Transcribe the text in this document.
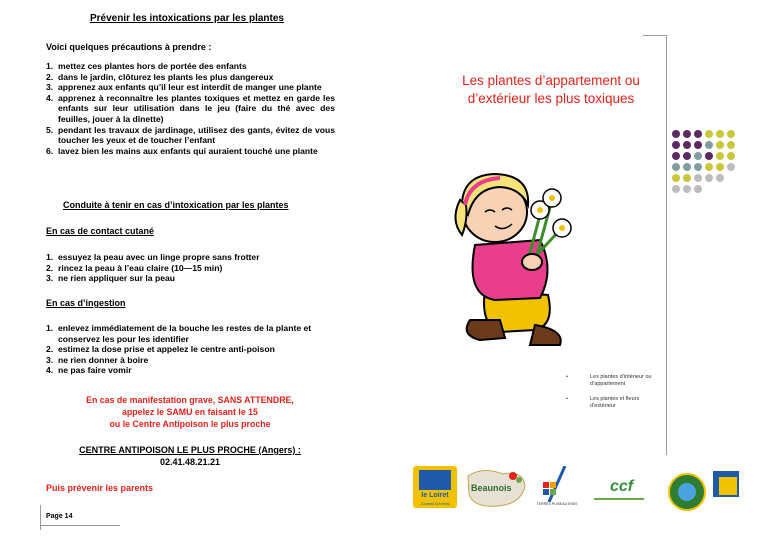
Prévenir les intoxications par les plantes
Voici quelques précautions à prendre :
1. mettez ces plantes hors de portée des enfants
2. dans le jardin, clôturez les plants les plus dangereux
3. apprenez aux enfants qu’il leur est interdit de manger une plante
4. apprenez à reconnaître les plantes toxiques et mettez en garde les enfants sur leur utilisation dans le jeu (faire du thé avec des feuilles, jouer à la dînette)
5. pendant les travaux de jardinage, utilisez des gants, évitez de vous toucher les yeux et de toucher l’enfant
6. lavez bien les mains aux enfants qui auraient touché une plante
Conduite à tenir en cas d’intoxication par les plantes
En cas de contact cutané
1. essuyez la peau avec un linge propre sans frotter
2. rincez la peau à l’eau claire (10—15 min)
3. ne rien appliquer sur la peau
En cas d’ingestion
1. enlevez immédiatement de la bouche les restes de la plante et conservez les pour les identifier
2. estimez la dose prise et appelez le centre anti-poison
3. ne rien donner à boire
4. ne pas faire vomir
En cas de manifestation grave, SANS ATTENDRE,
appelez le SAMU en faisant le 15
ou le Centre Antipoison le plus proche
CENTRE ANTIPOISON LE PLUS PROCHE (Angers) :
02.41.48.21.21
Puis prévenir les parents
Page 14
Les plantes d’appartement ou
d’extérieur les plus toxiques
•	Les plantes d’intérieur ou
d’appartement
•	Les plantes et fleurs
d’extérieur
le Loiret
Conseil Général
Beaunois
TERRES PUISEAUTINES
ccf
